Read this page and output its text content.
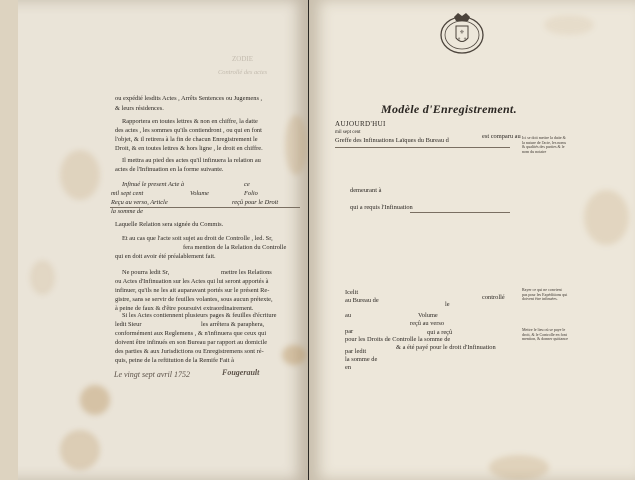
ZODIE
Controllé des actes
ou expédié lesdits Actes , Arrêts Sentences ou Jugemens ,
& leurs résidences.
Rapportera en toutes lettres & non en chiffre, la datte
des actes , les sommes qu'ils contiendront , ou qui en font
l'objet, & il retirera à la fin de chacun Enregistrement le
Droit, & en toutes lettres & hors ligne , le droit en chiffre.
Il mettra au pied des actes qu'il infinuera la relation au
actes de l'Infinuation en la forme suivante.
Infinué le present Acte à	ce
mil sept cent	Volume	Folio
Reçu au verso, Article	reçû pour le Droit
la somme de
Laquelle Relation sera signée du Commis.
Et au cas que l'acte soit sujet au droit de Controlle , led. Sr,
fera mention de la Relation du Controlle
qui en doit avoir été préalablement fait.
Ne pourra ledit Sr,	mettre les Relations
ou Actes d'Infinuation sur les Actes qui lui seront apportés à
infinuer, qu'ils ne les ait auparavant portés sur le présent Re-
gistre, sans se servir de feuilles volantes, sous aucun prétexte,
à peine de faux & d'être poursuivi extraordinairement.
Si les Actes contiennent plusieurs pages & feuilles d'écriture
ledit Sieur	les arrêtera & paraphera,
conformément aux Reglemens , & n'infinuera que ceux qui
doivent être infinués en son Bureau par rapport au domicile
des parties & aux Jurisdictions ou Enregistremens sont ré-
quis, peine de la reftitution de la Remife Fait à
Le vingt sept avril 1752	Fougerault
⚜
⚜ ⚜
Modèle d'Enregistrement.
AUJOURD'HUI
mil sept cent
est comparu au
Greffe des Infinuations Laïques du Bureau d
demeurant à
qui a requis l'Infinuation
Icelit
controllé
au Bureau de
le
au	Volume
reçû au verso
par	qui a reçû
pour les Droits de Controlle la somme de
par ledit
& a été payé pour le droit d'Infinuation
la somme de
en
Ici se doit mettre la datte & la nature de l'acte, les noms & qualités des parties & le nom du notaire
Rayer ce qui ne convient pas pour les Expéditions qui doivent être infinuées.
Mettre le lieu où se paye le droit, & le Controlle en font mention, & donner quittance
